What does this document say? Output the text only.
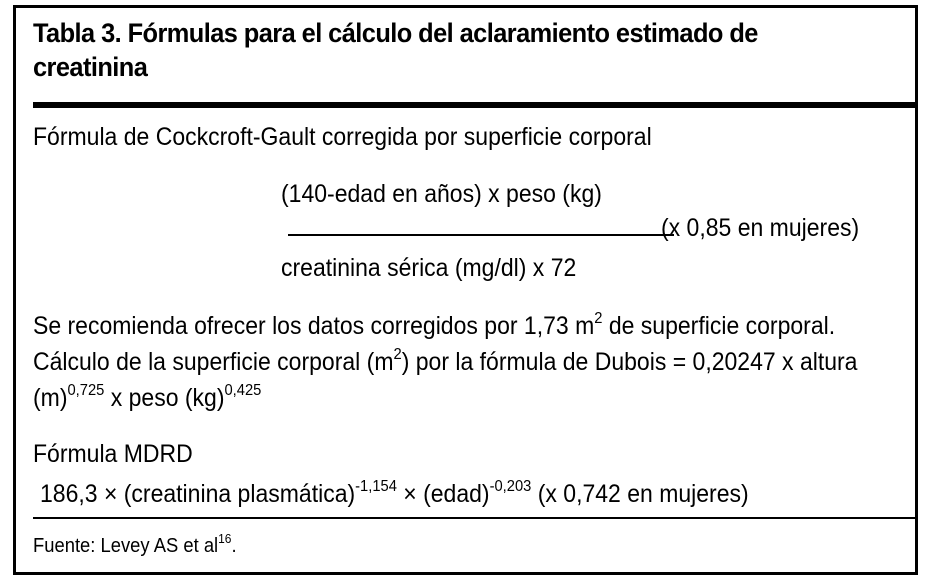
Tabla 3. Fórmulas para el cálculo del aclaramiento estimado de creatinina
Fórmula de Cockcroft-Gault corregida por superficie corporal
(140-edad en años) x peso (kg)
(x 0,85 en mujeres)
creatinina sérica (mg/dl) x 72
Se recomienda ofrecer los datos corregidos por 1,73 $m^2$ de superficie corporal. Cálculo de la superficie corporal $(m^2)$ por la fórmula de Dubois = 0,20247 x altura $(m)^{0,725}$ x peso (kg)$^{0,425}$
Fórmula MDRD
186,3 × (creatinina plasmática)$^{-1,154}$ × (edad)$^{-0,203}$ (x 0,742 en mujeres)
Fuente: Levey AS et $al^{16}$.
